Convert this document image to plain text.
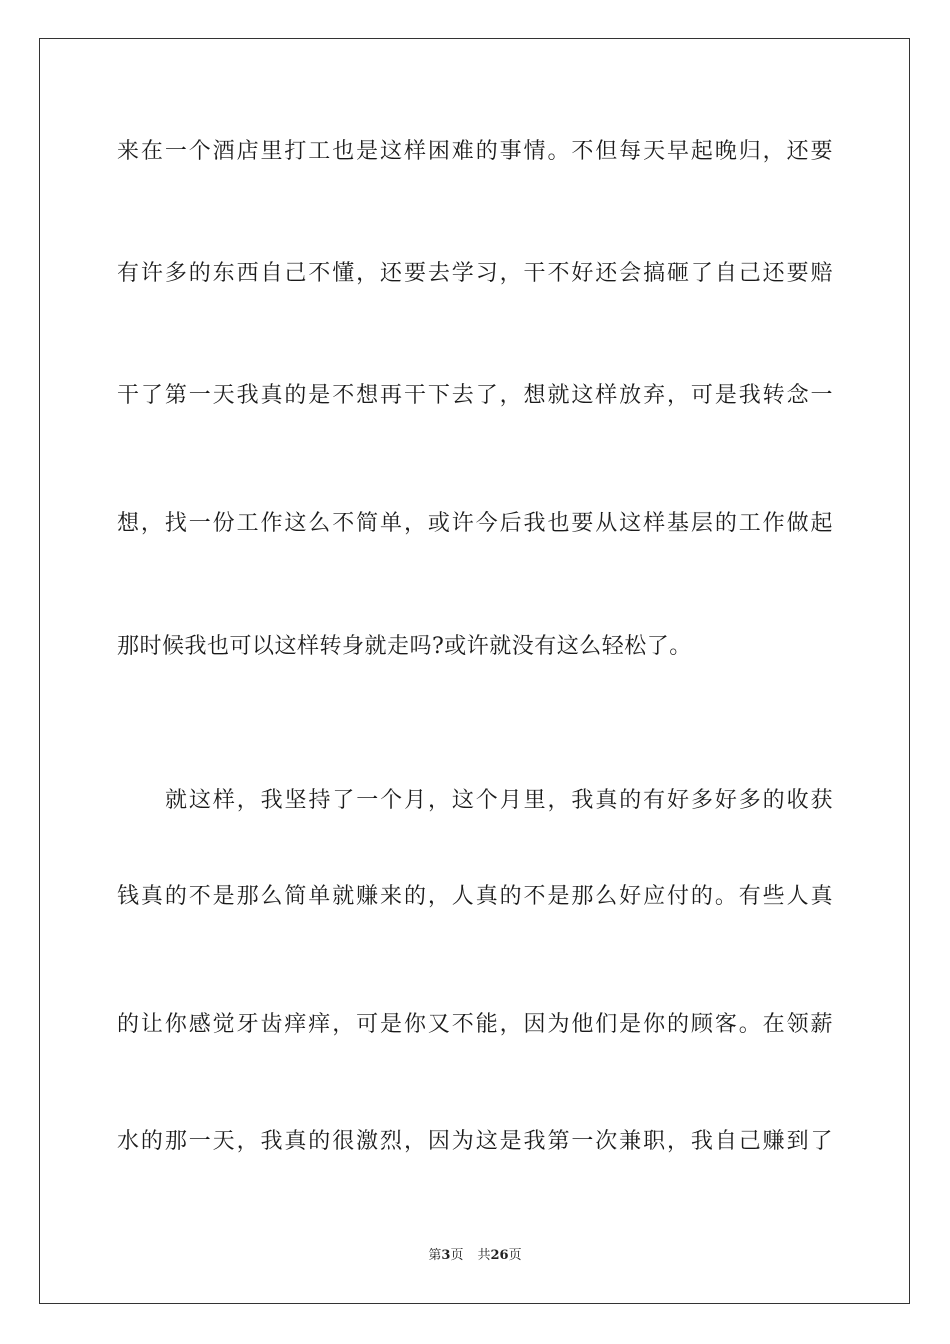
来在一个酒店里打工也是这样困难的事情。不但每天早起晚归，还要
有许多的东西自己不懂，还要去学习，干不好还会搞砸了自己还要赔
干了第一天我真的是不想再干下去了，想就这样放弃，可是我转念一
想，找一份工作这么不简单，或许今后我也要从这样基层的工作做起
那时候我也可以这样转身就走吗?或许就没有这么轻松了。
就这样，我坚持了一个月，这个月里，我真的有好多好多的收获
钱真的不是那么简单就赚来的，人真的不是那么好应付的。有些人真
的让你感觉牙齿痒痒，可是你又不能，因为他们是你的顾客。在领薪
水的那一天，我真的很激烈，因为这是我第一次兼职，我自己赚到了
第3页 共26页
